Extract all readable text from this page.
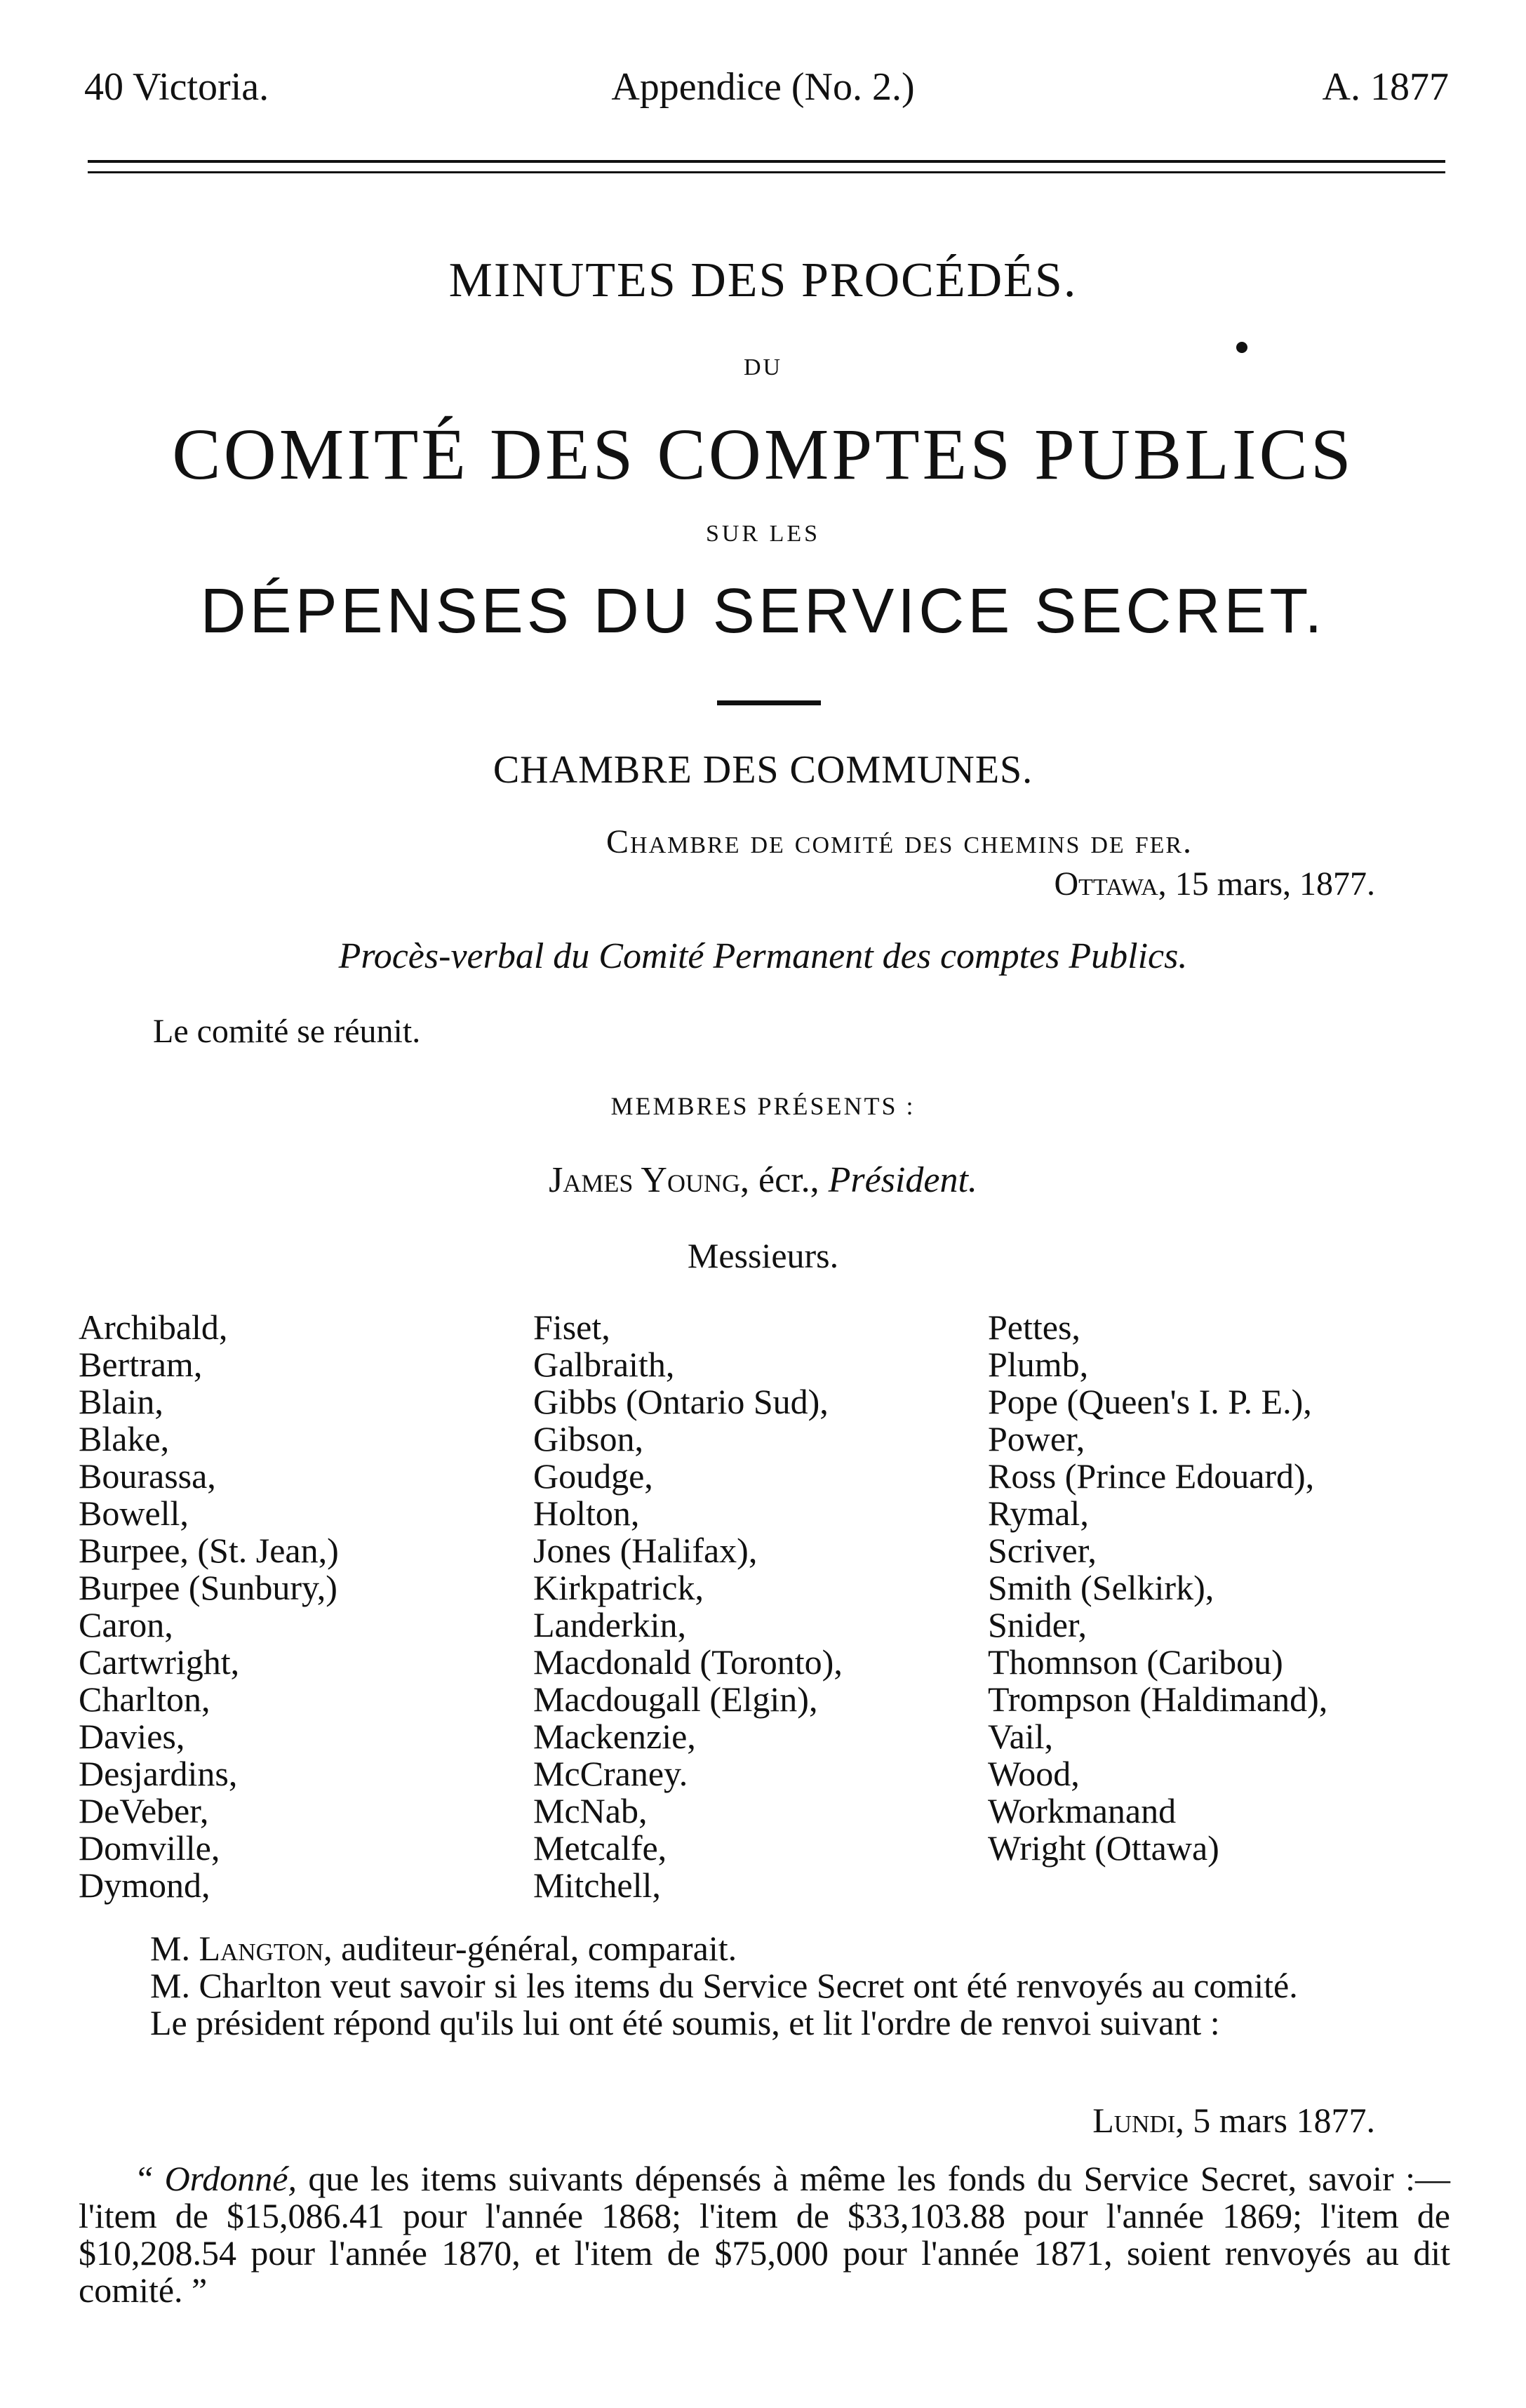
40 Victoria.	Appendice (No. 2.)	A. 1877
MINUTES DES PROCÉDÉS.
DU
COMITÉ DES COMPTES PUBLICS
SUR LES
DÉPENSES DU SERVICE SECRET.
CHAMBRE DES COMMUNES.
Chambre de comité des chemins de fer.
Ottawa, 15 mars, 1877.
Procès-verbal du Comité Permanent des comptes Publics.
Le comité se réunit.
MEMBRES PRÉSENTS :
James Young, écr., Président.
Messieurs.
Archibald,
Bertram,
Blain,
Blake,
Bourassa,
Bowell,
Burpee, (St. Jean,)
Burpee (Sunbury,)
Caron,
Cartwright,
Charlton,
Davies,
Desjardins,
DeVeber,
Domville,
Dymond,
Fiset,
Galbraith,
Gibbs (Ontario Sud),
Gibson,
Goudge,
Holton,
Jones (Halifax),
Kirkpatrick,
Landerkin,
Macdonald (Toronto),
Macdougall (Elgin),
Mackenzie,
McCraney.
McNab,
Metcalfe,
Mitchell,
Pettes,
Plumb,
Pope (Queen's I. P. E.),
Power,
Ross (Prince Edouard),
Rymal,
Scriver,
Smith (Selkirk),
Snider,
Thomnson (Caribou)
Trompson (Haldimand),
Vail,
Wood,
Workmanand
Wright (Ottawa)
M. Langton, auditeur-général, comparait.
M. Charlton veut savoir si les items du Service Secret ont été renvoyés au comité.
Le président répond qu'ils lui ont été soumis, et lit l'ordre de renvoi suivant :
Lundi, 5 mars 1877.
“ Ordonné, que les items suivants dépensés à même les fonds du Service Secret, savoir :—l'item de $15,086.41 pour l'année 1868; l'item de $33,103.88 pour l'année 1869; l'item de $10,208.54 pour l'année 1870, et l'item de $75,000 pour l'année 1871, soient renvoyés au dit comité. ”
